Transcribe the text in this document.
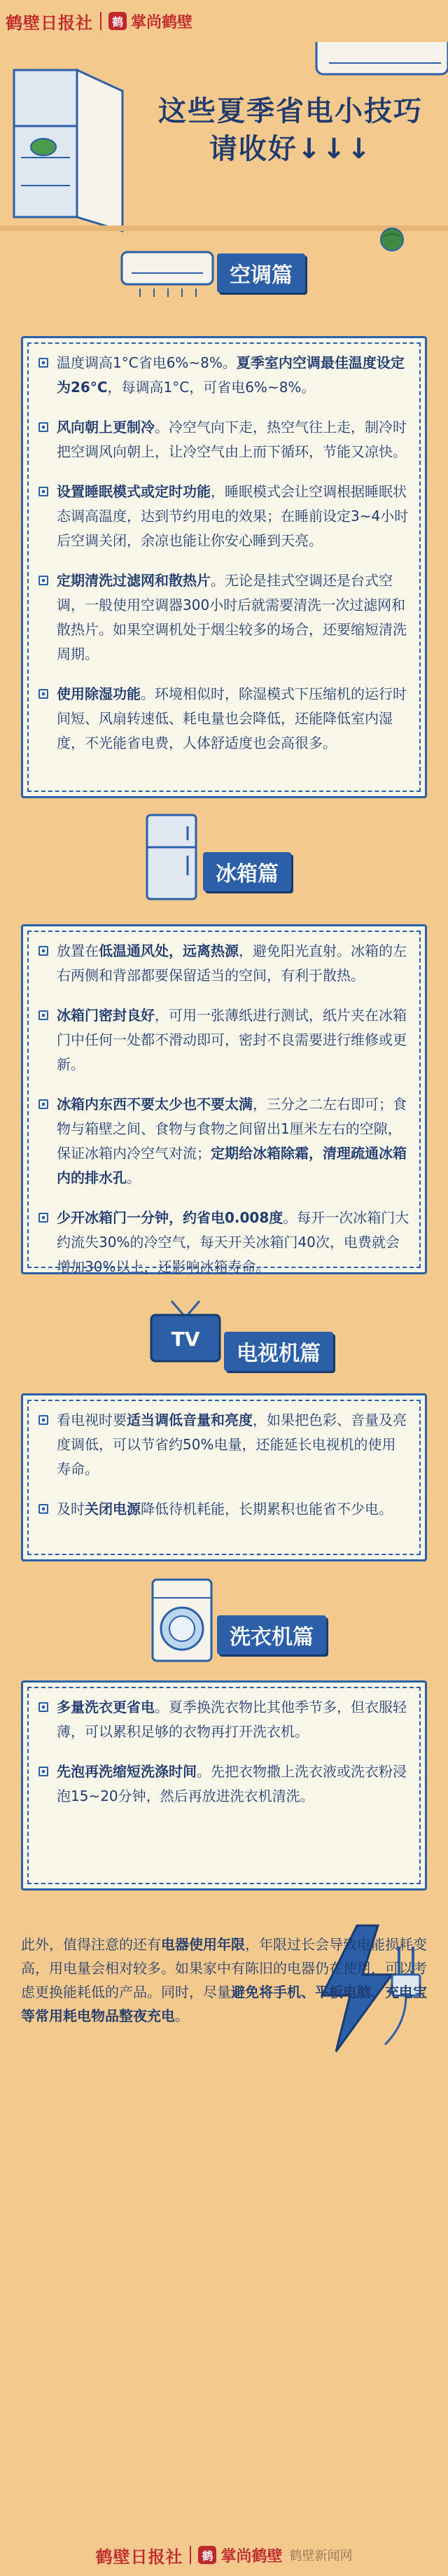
鹤壁日报社	鹤 掌尚鹤壁
这些夏季省电小技巧
请收好↓↓↓
空调篇
温度调高1°C省电6%~8%。夏季室内空调最佳温度设定为26°C，每调高1°C，可省电6%~8%。
风向朝上更制冷。冷空气向下走，热空气往上走，制冷时把空调风向朝上，让冷空气由上而下循环，节能又凉快。
设置睡眠模式或定时功能，睡眠模式会让空调根据睡眠状态调高温度，达到节约用电的效果；在睡前设定3~4小时后空调关闭，余凉也能让你安心睡到天亮。
定期清洗过滤网和散热片。无论是挂式空调还是台式空调，一般使用空调器300小时后就需要清洗一次过滤网和散热片。如果空调机处于烟尘较多的场合，还要缩短清洗周期。
使用除湿功能。环境相似时，除湿模式下压缩机的运行时间短、风扇转速低、耗电量也会降低，还能降低室内湿度，不光能省电费，人体舒适度也会高很多。
冰箱篇
放置在低温通风处，远离热源，避免阳光直射。冰箱的左右两侧和背部都要保留适当的空间，有利于散热。
冰箱门密封良好，可用一张薄纸进行测试，纸片夹在冰箱门中任何一处都不滑动即可，密封不良需要进行维修或更新。
冰箱内东西不要太少也不要太满，三分之二左右即可；食物与箱壁之间、食物与食物之间留出1厘米左右的空隙，保证冰箱内冷空气对流；定期给冰箱除霜，清理疏通冰箱内的排水孔。
少开冰箱门一分钟，约省电0.008度。每开一次冰箱门大约流失30%的冷空气，每天开关冰箱门40次，电费就会增加30%以上，还影响冰箱寿命。
TV
电视机篇
看电视时要适当调低音量和亮度，如果把色彩、音量及亮度调低，可以节省约50%电量，还能延长电视机的使用寿命。
及时关闭电源降低待机耗能，长期累积也能省不少电。
洗衣机篇
多量洗衣更省电。夏季换洗衣物比其他季节多，但衣服轻薄，可以累积足够的衣物再打开洗衣机。
先泡再洗缩短洗涤时间。先把衣物撒上洗衣液或洗衣粉浸泡15~20分钟，然后再放进洗衣机清洗。
此外，值得注意的还有电器使用年限，年限过长会导致电能损耗变高，用电量会相对较多。如果家中有陈旧的电器仍在使用，可以考虑更换能耗低的产品。同时，尽量避免将手机、平板电脑、充电宝等常用耗电物品整夜充电。
鹤壁日报社	鹤 掌尚鹤壁 鹤壁新闻网
